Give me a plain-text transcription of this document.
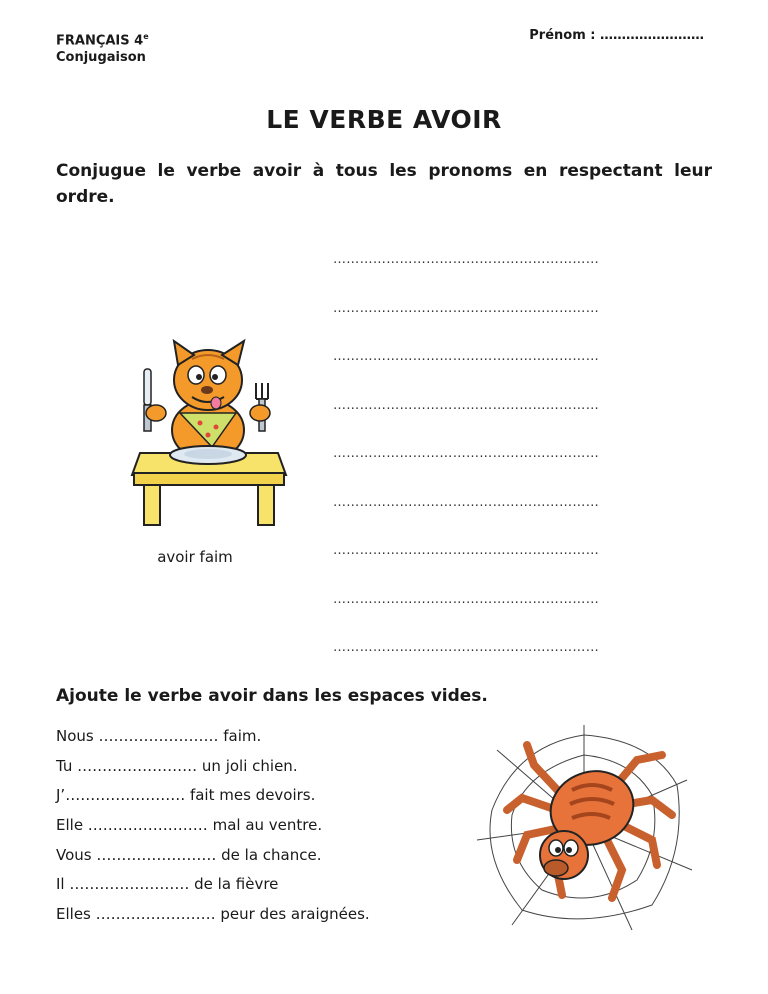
FRANÇAIS 4e
Conjugaison
Prénom : ……………………
LE VERBE AVOIR
Conjugue le verbe avoir à tous les pronoms en respectant leur ordre.
……………………………………………………
……………………………………………………
……………………………………………………
……………………………………………………
……………………………………………………
……………………………………………………
……………………………………………………
……………………………………………………
……………………………………………………
avoir faim
Ajoute le verbe avoir dans les espaces vides.
Nous …………………… faim.
Tu …………………… un joli chien.
J’…………………… fait mes devoirs.
Elle …………………… mal au ventre.
Vous …………………… de la chance.
Il …………………… de la fièvre
Elles …………………… peur des araignées.
